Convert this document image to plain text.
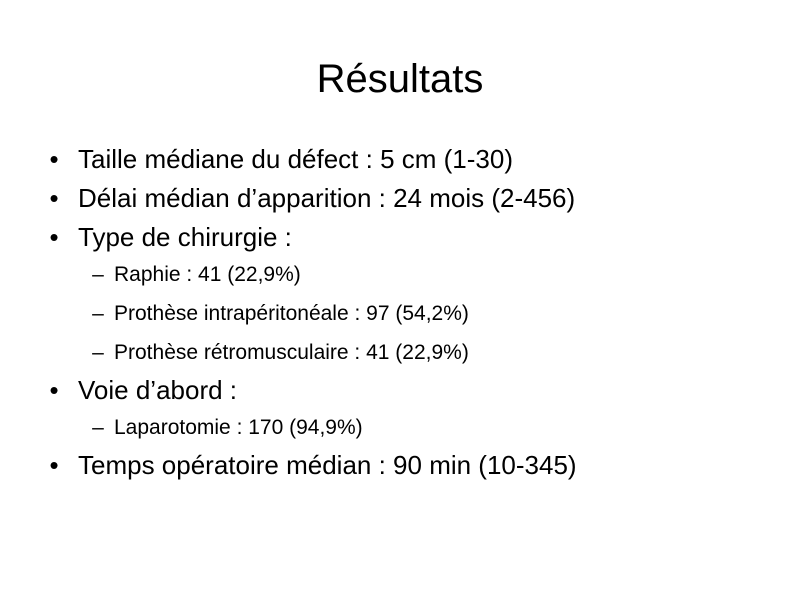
Résultats
• Taille médiane du défect : 5 cm (1-30)
• Délai médian d’apparition : 24 mois (2-456)
• Type de chirurgie :
– Raphie : 41 (22,9%)
– Prothèse intrapéritonéale : 97 (54,2%)
– Prothèse rétromusculaire : 41 (22,9%)
• Voie d’abord :
– Laparotomie : 170 (94,9%)
• Temps opératoire médian : 90 min (10-345)
